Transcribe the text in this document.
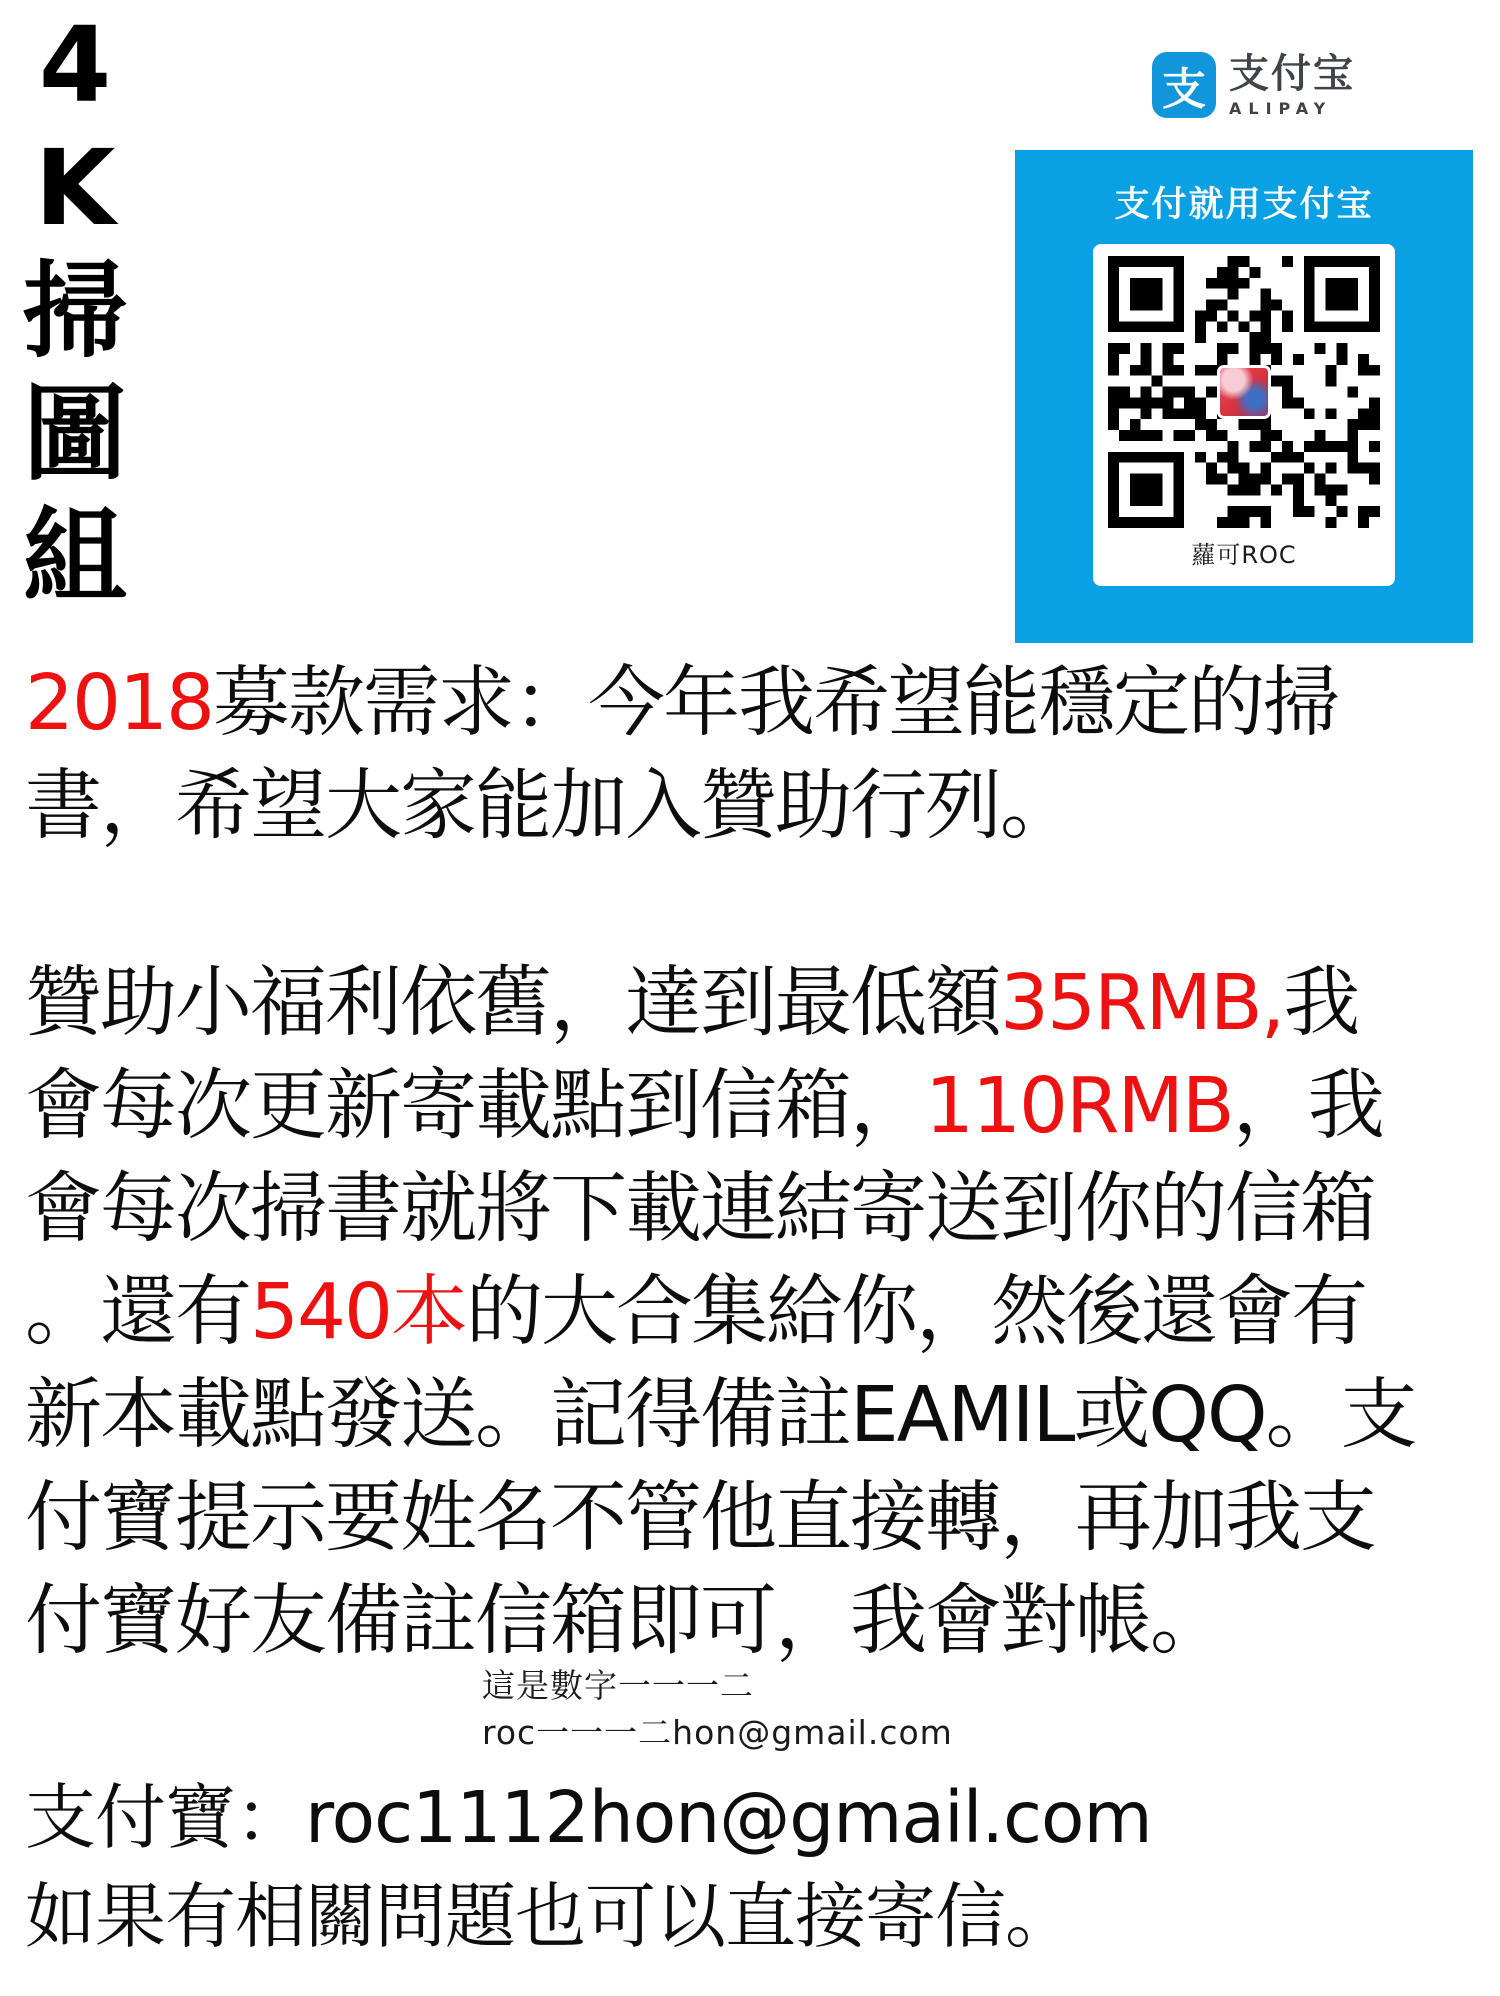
4
K
掃
圖
組
支 支付宝
ALIPAY
支付就用支付宝
蘿可ROC
2018募款需求：今年我希望能穩定的掃
書，希望大家能加入贊助行列。
贊助小福利依舊，達到最低額35RMB,我
會每次更新寄載點到信箱，110RMB，我
會每次掃書就將下載連結寄送到你的信箱
。還有540本的大合集給你，然後還會有
新本載點發送。記得備註EAMIL或QQ。支
付寶提示要姓名不管他直接轉，再加我支
付寶好友備註信箱即可，我會對帳。
這是數字一一一二
roc一一一二hon@gmail.com
支付寶：roc1112hon@gmail.com
如果有相關問題也可以直接寄信。
